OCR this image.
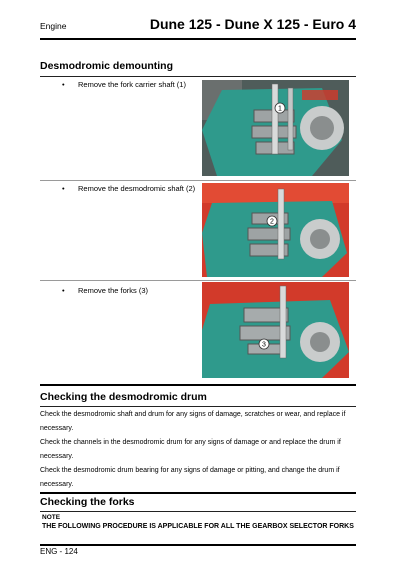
Engine	Dune 125 - Dune X 125 - Euro 4
Desmodromic demounting
• Remove the fork carrier shaft (1)
1
• Remove the desmodromic shaft (2)
2
• Remove the forks (3)
3
Checking the desmodromic drum
Check the desmodromic shaft and drum for any signs of damage, scratches or wear, and replace if
necessary.
Check the channels in the desmodromic drum for any signs of damage or and replace the drum if
necessary.
Check the desmodromic drum bearing for any signs of damage or pitting, and change the drum if
necessary.
Checking the forks
NOTE
THE FOLLOWING PROCEDURE IS APPLICABLE FOR ALL THE GEARBOX SELECTOR FORKS
ENG - 124
